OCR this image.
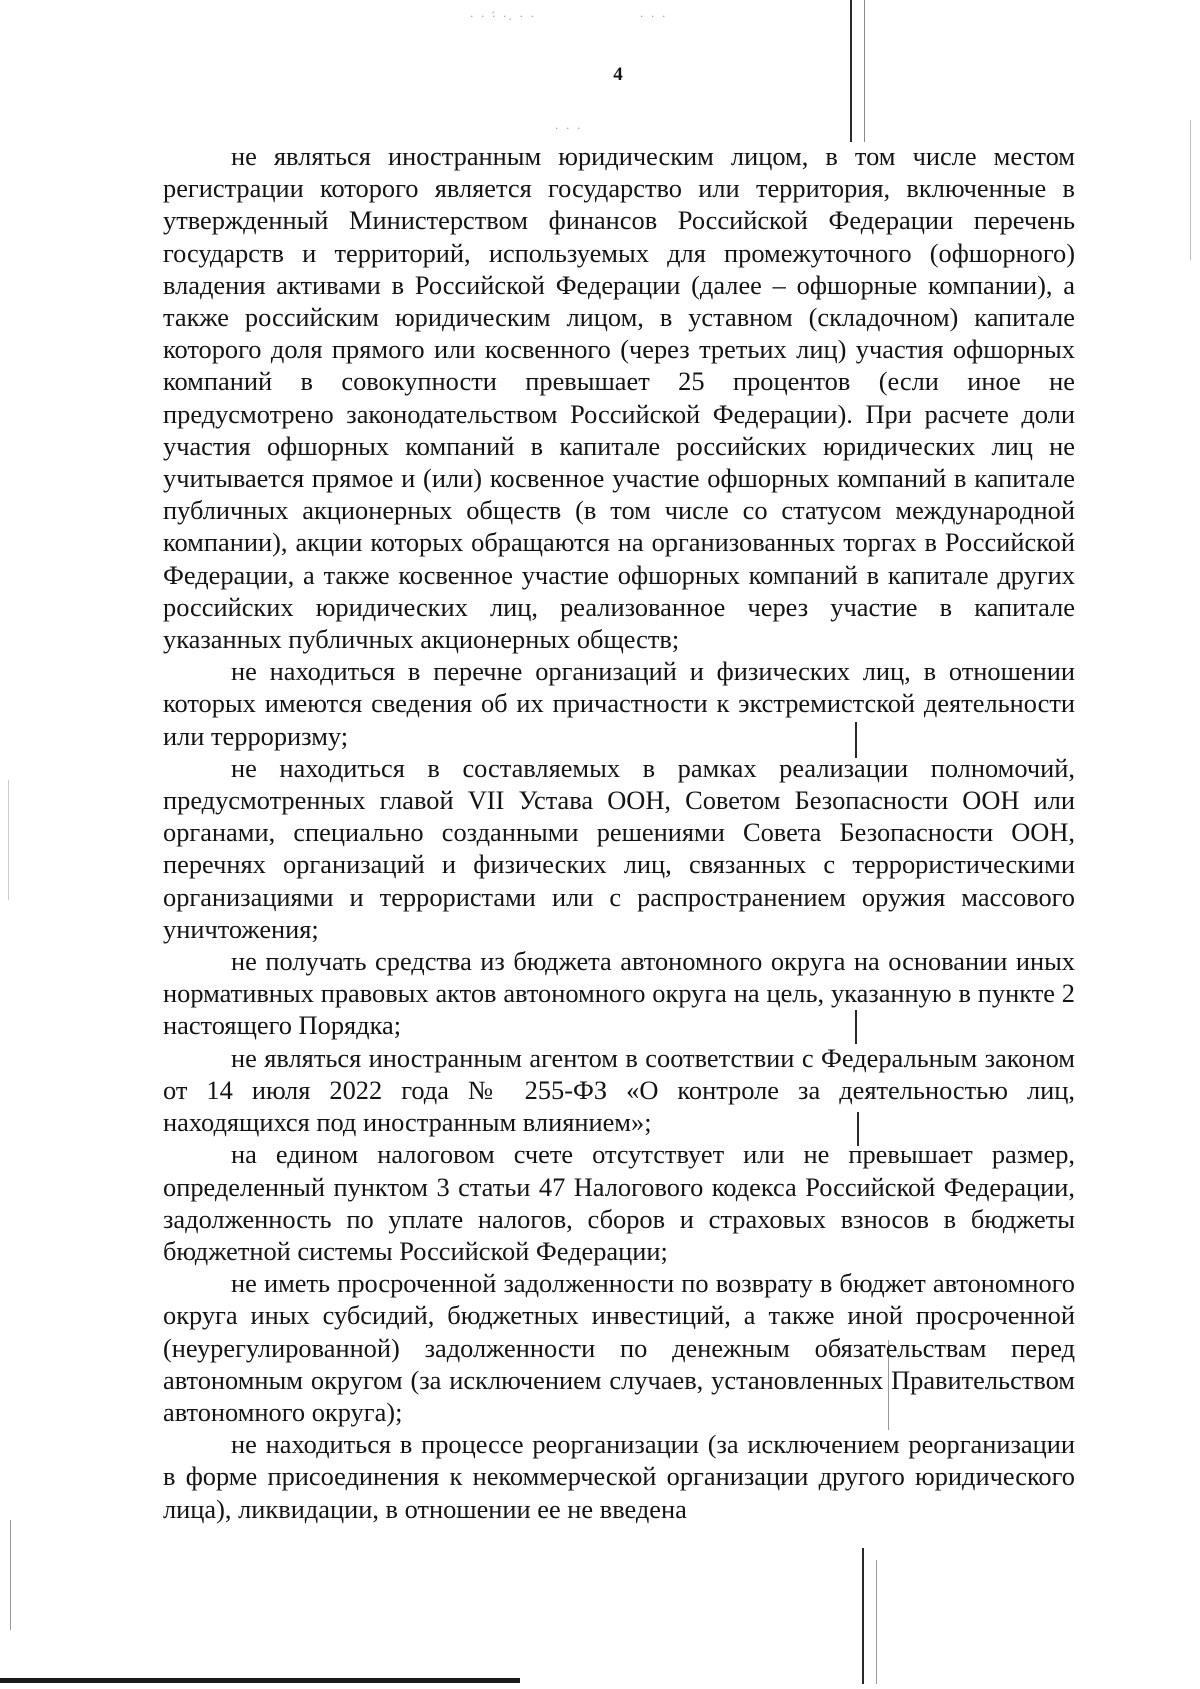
· · ·́ ·. · ·	· · ·
· · ·
4

не являться иностранным юридическим лицом, в том числе местом регистрации которого является государство или территория, включенные в утвержденный Министерством финансов Российской Федерации перечень государств и территорий, используемых для промежуточного (офшорного) владения активами в Российской Федерации (далее – офшорные компании), а также российским юридическим лицом, в уставном (складочном) капитале которого доля прямого или косвенного (через третьих лиц) участия офшорных компаний в совокупности превышает 25 процентов (если иное не предусмотрено законодательством Российской Федерации). При расчете доли участия офшорных компаний в капитале российских юридических лиц не учитывается прямое и (или) косвенное участие офшорных компаний в капитале публичных акционерных обществ (в том числе со статусом международной компании), акции которых обращаются на организованных торгах в Российской Федерации, а также косвенное участие офшорных компаний в капитале других российских юридических лиц, реализованное через участие в капитале указанных публичных акционерных обществ;

не находиться в перечне организаций и физических лиц, в отношении которых имеются сведения об их причастности к экстремистской деятельности или терроризму;

не находиться в составляемых в рамках реализации полномочий, предусмотренных главой VII Устава ООН, Советом Безопасности ООН или органами, специально созданными решениями Совета Безопасности ООН, перечнях организаций и физических лиц, связанных с террористическими организациями и террористами или с распространением оружия массового уничтожения;

не получать средства из бюджета автономного округа на основании иных нормативных правовых актов автономного округа на цель, указанную в пункте 2 настоящего Порядка;

не являться иностранным агентом в соответствии с Федеральным законом от 14 июля 2022 года № 255-ФЗ «О контроле за деятельностью лиц, находящихся под иностранным влиянием»;

на едином налоговом счете отсутствует или не превышает размер, определенный пунктом 3 статьи 47 Налогового кодекса Российской Федерации, задолженность по уплате налогов, сборов и страховых взносов в бюджеты бюджетной системы Российской Федерации;

не иметь просроченной задолженности по возврату в бюджет автономного округа иных субсидий, бюджетных инвестиций, а также иной просроченной (неурегулированной) задолженности по денежным обязательствам перед автономным округом (за исключением случаев, установленных Правительством автономного округа);

не находиться в процессе реорганизации (за исключением реорганизации в форме присоединения к некоммерческой организации другого юридического лица), ликвидации, в отношении ее не введена
